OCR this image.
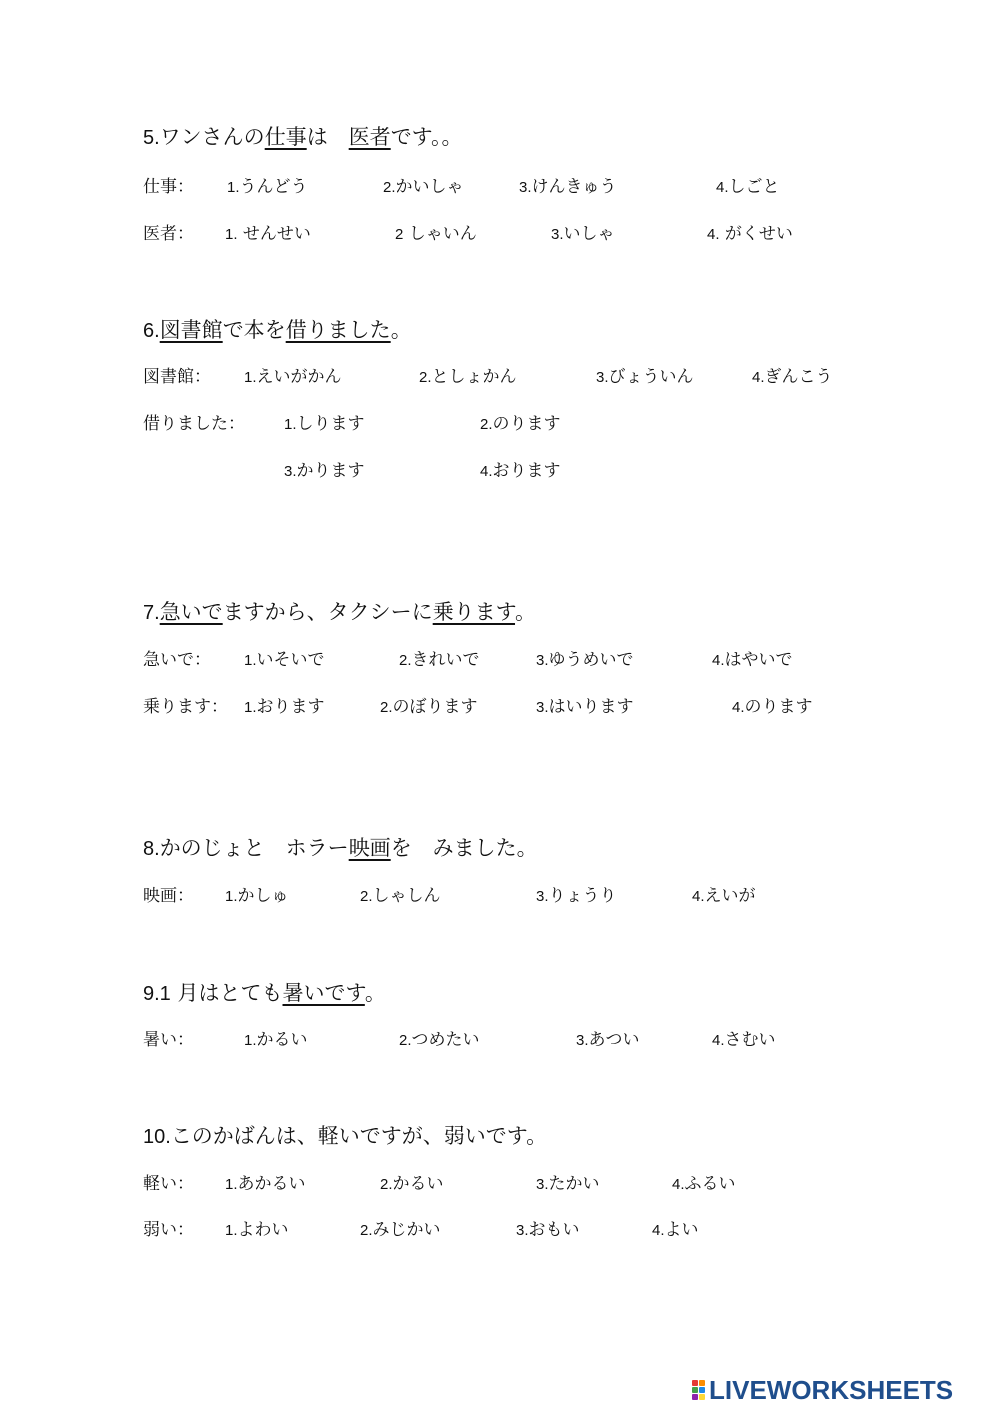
5.ワンさんの仕事は　医者です。。
仕事： 1.うんどう	2.かいしゃ	3.けんきゅう	4.しごと
医者： 1. せんせい	2 しゃいん	3.いしゃ	4. がくせい
6.図書館で本を借りました。
図書館： 1.えいがかん	2.としょかん	3.びょういん	4.ぎんこう
借りました：	1.しります	2.のります
3.かります	4.おります
7.急いでますから、タクシーに乗ります。
急いで： 1.いそいで	2.きれいで	3.ゆうめいで	4.はやいで
乗ります： 1.おります	2.のぼります	3.はいります	4.のります
8.かのじょと　ホラー映画を　みました。
映画： 1.かしゅ	2.しゃしん	3.りょうり	4.えいが
9.1 月はとても暑いです。
暑い：	1.かるい	2.つめたい	3.あつい	4.さむい
10.このかばんは、軽いですが、弱いです。
軽い： 1.あかるい	2.かるい	3.たかい	4.ふるい
弱い： 1.よわい	2.みじかい	3.おもい	4.よい
LIVEWORKSHEETS
